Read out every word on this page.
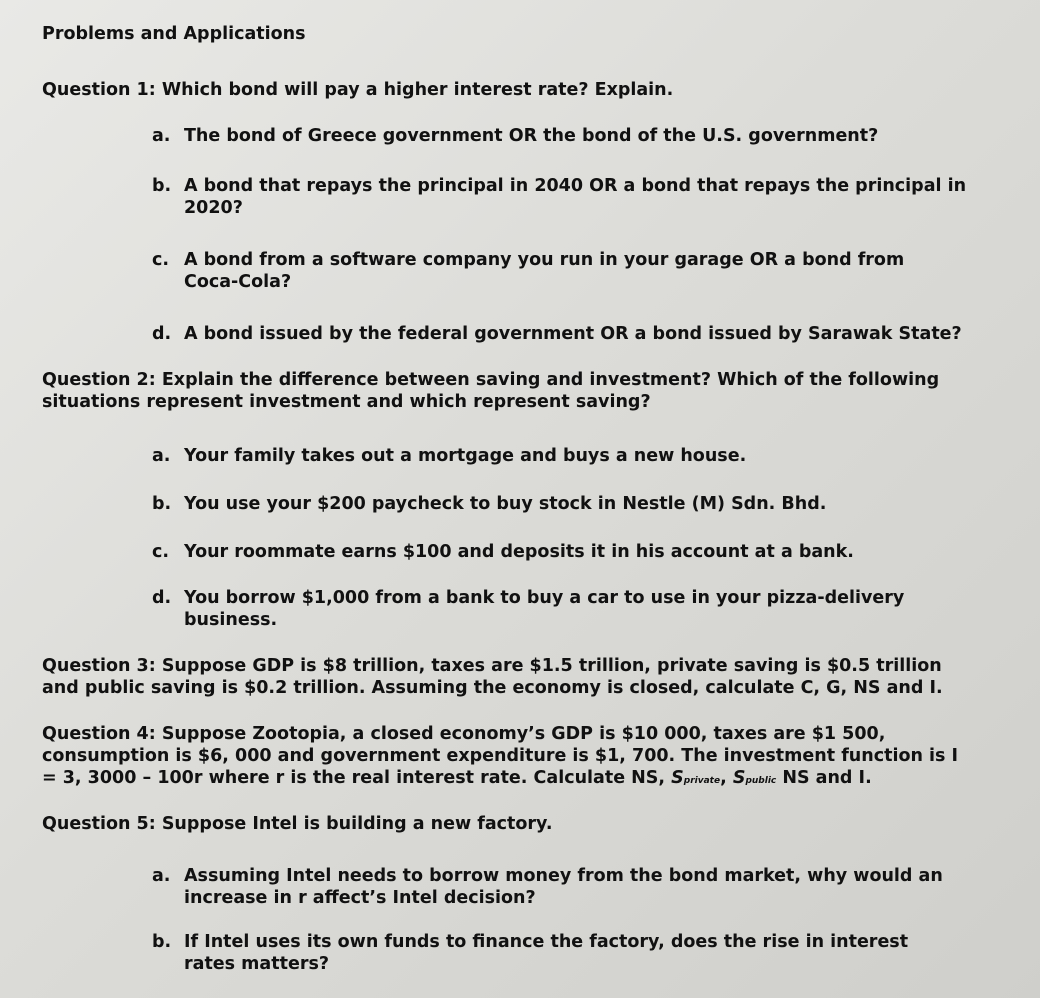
Problems and Applications
Question 1: Which bond will pay a higher interest rate? Explain.
a. The bond of Greece government OR the bond of the U.S. government?
b. A bond that repays the principal in 2040 OR a bond that repays the principal in
2020?
c. A bond from a software company you run in your garage OR a bond from
Coca-Cola?
d. A bond issued by the federal government OR a bond issued by Sarawak State?
Question 2: Explain the difference between saving and investment? Which of the following
situations represent investment and which represent saving?
a. Your family takes out a mortgage and buys a new house.
b. You use your $200 paycheck to buy stock in Nestle (M) Sdn. Bhd.
c. Your roommate earns $100 and deposits it in his account at a bank.
d. You borrow $1,000 from a bank to buy a car to use in your pizza-delivery
business.
Question 3: Suppose GDP is $8 trillion, taxes are $1.5 trillion, private saving is $0.5 trillion
and public saving is $0.2 trillion. Assuming the economy is closed, calculate C, G, NS and I.
Question 4: Suppose Zootopia, a closed economy’s GDP is $10 000, taxes are $1 500,
consumption is $6, 000 and government expenditure is $1, 700. The investment function is I
= 3, 3000 – 100r where r is the real interest rate. Calculate NS, Sprivate, Spublic NS and I.
Question 5: Suppose Intel is building a new factory.
a. Assuming Intel needs to borrow money from the bond market, why would an
increase in r affect’s Intel decision?
b. If Intel uses its own funds to finance the factory, does the rise in interest
rates matters?
